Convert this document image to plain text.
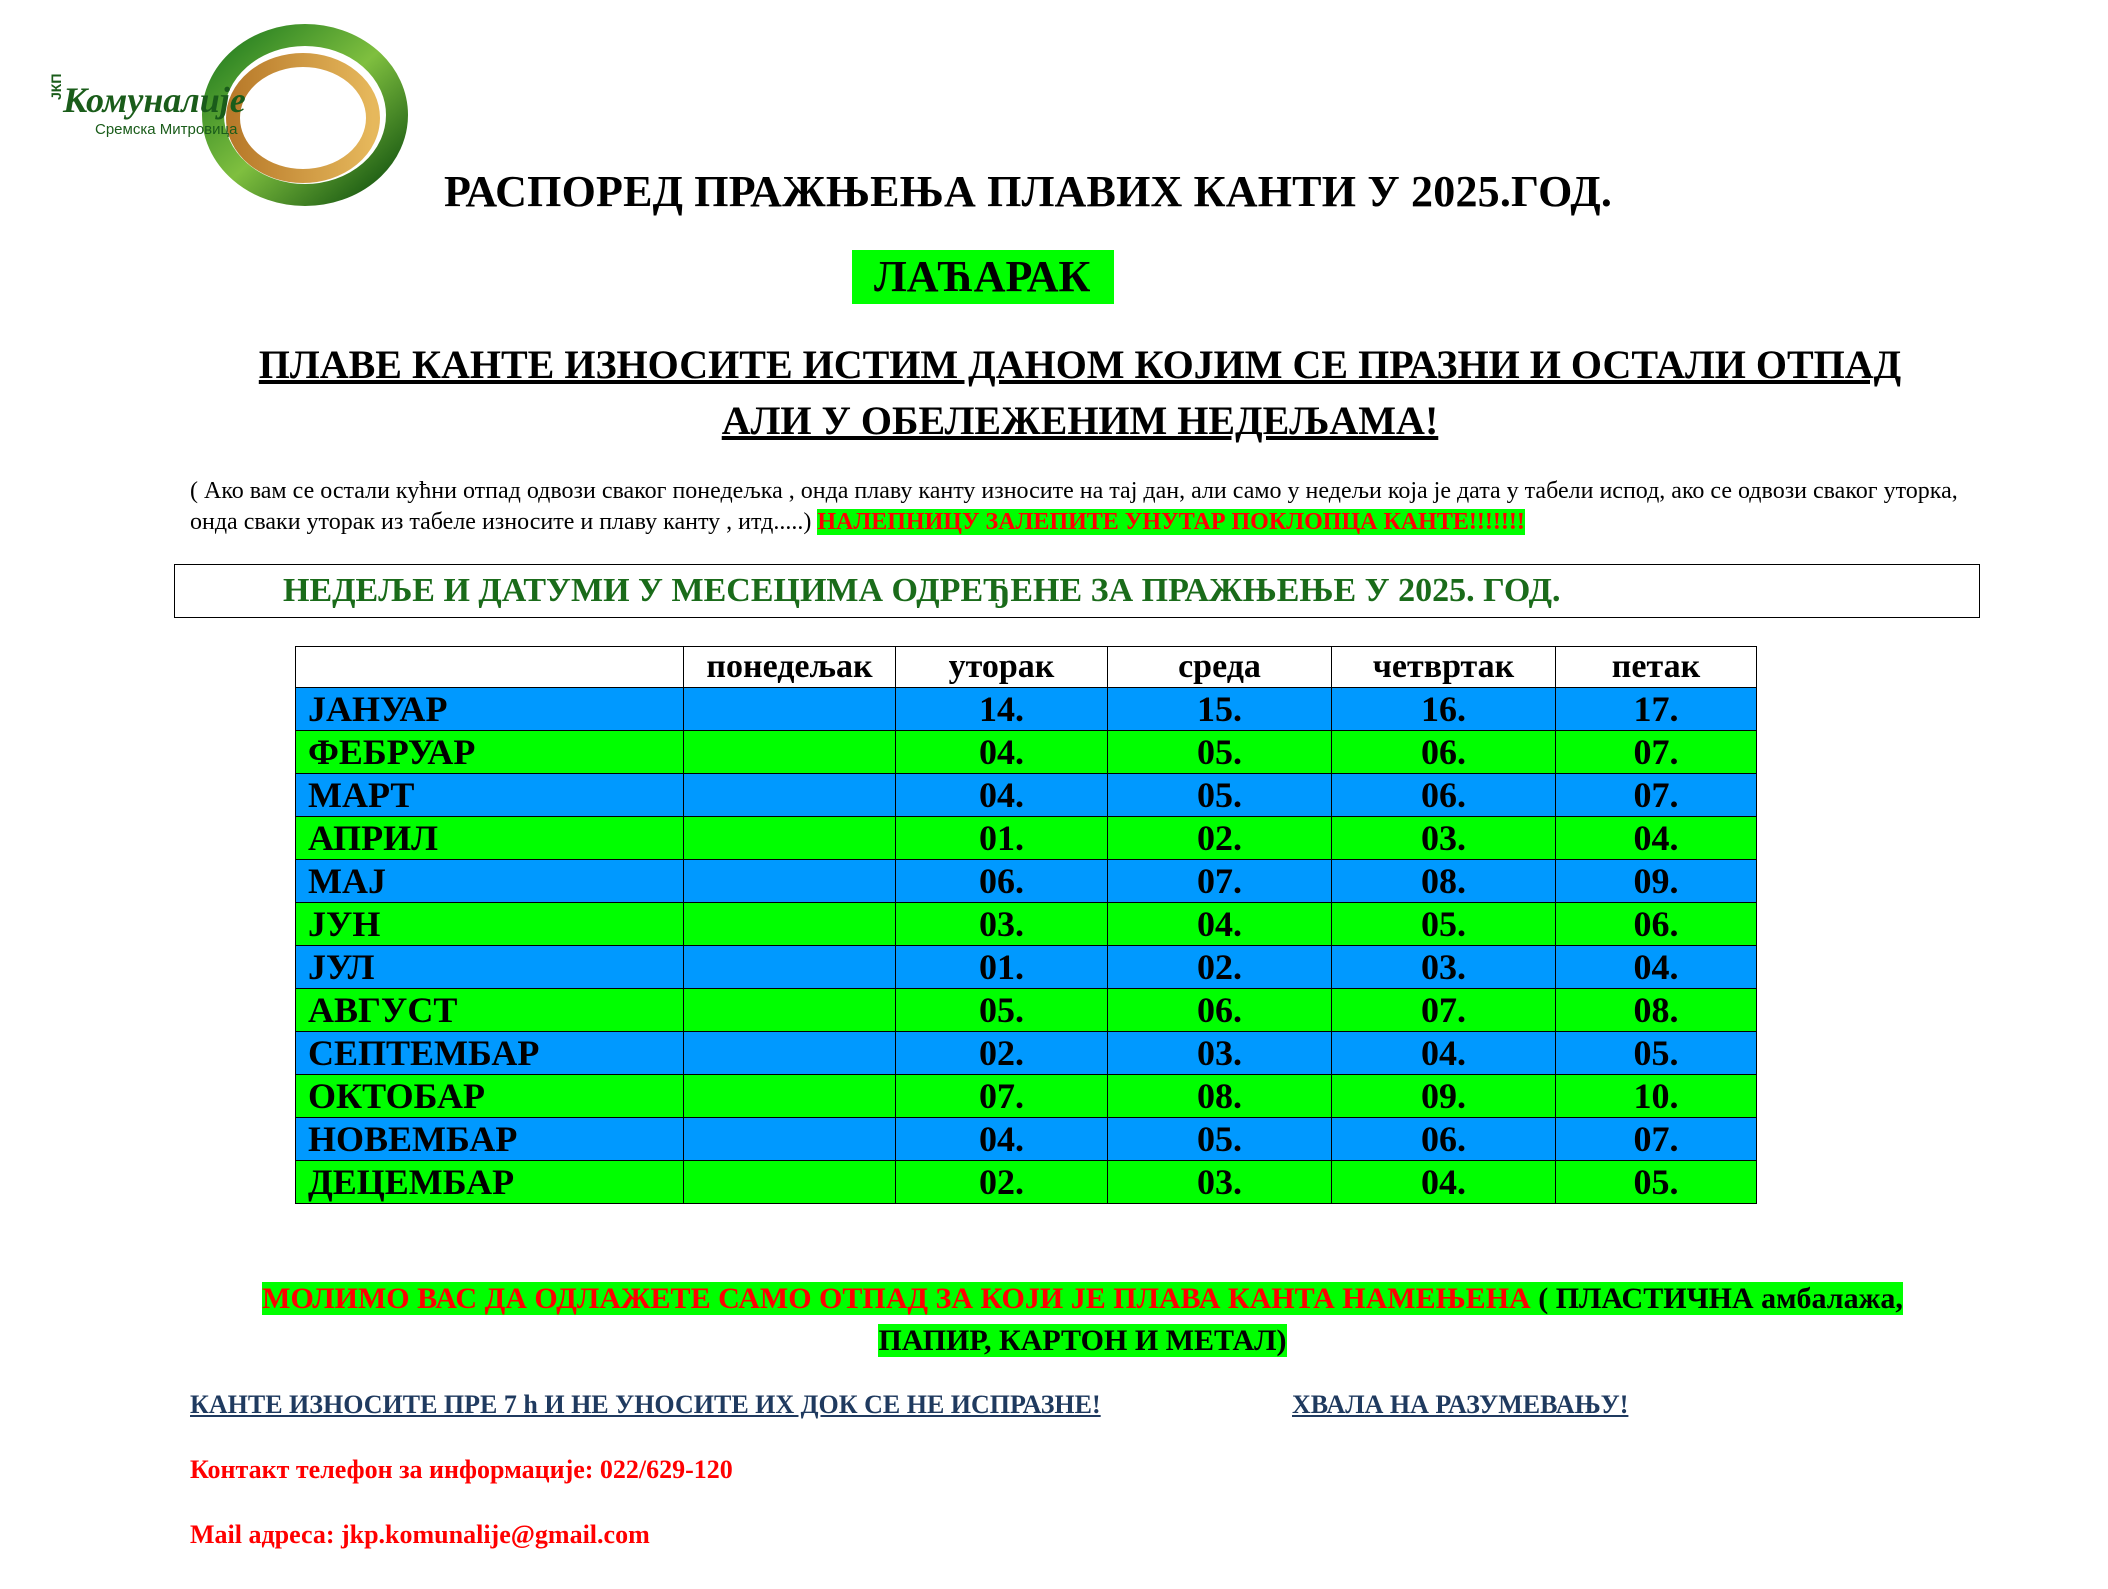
ЈКП Комуналије
Сремска Митровица
РАСПОРЕД ПРАЖЊЕЊА ПЛАВИХ КАНТИ У 2025.ГОД.
ЛАЋАРАК
ПЛАВЕ КАНТЕ ИЗНОСИТЕ ИСТИМ ДАНОМ КОЈИМ СЕ ПРАЗНИ И ОСТАЛИ ОТПАД
АЛИ У ОБЕЛЕЖЕНИМ НЕДЕЉАМА!
( Ако вам се остали кућни отпад одвози сваког понедељка , онда плаву канту износите на тај дан, али само у недељи која је дата у табели испод, ако се одвози сваког уторка, онда сваки уторак из табеле износите и плаву канту , итд.....) НАЛЕПНИЦУ ЗАЛЕПИТЕ УНУТАР ПОКЛОПЦА КАНТЕ!!!!!!!
НЕДЕЉЕ И ДАТУМИ У МЕСЕЦИМА ОДРЕЂЕНЕ ЗА ПРАЖЊЕЊЕ У 2025. ГОД.
	понедељак	уторак	среда	четвртак	петак
ЈАНУАР		14.	15.	16.	17.
ФЕБРУАР		04.	05.	06.	07.
МАРТ		04.	05.	06.	07.
АПРИЛ		01.	02.	03.	04.
МАЈ		06.	07.	08.	09.
ЈУН		03.	04.	05.	06.
ЈУЛ		01.	02.	03.	04.
АВГУСТ		05.	06.	07.	08.
СЕПТЕМБАР		02.	03.	04.	05.
ОКТОБАР		07.	08.	09.	10.
НОВЕМБАР		04.	05.	06.	07.
ДЕЦЕМБАР		02.	03.	04.	05.
МОЛИМО ВАС ДА ОДЛАЖЕТЕ САМО ОТПАД ЗА КОЈИ ЈЕ ПЛАВА КАНТА НАМЕЊЕНА ( ПЛАСТИЧНА амбалажа,
ПАПИР, КАРТОН И МЕТАЛ)
КАНТЕ ИЗНОСИТЕ ПРЕ 7 h И НЕ УНОСИТЕ ИХ ДОК СЕ НЕ ИСПРАЗНЕ!	ХВАЛА НА РАЗУМЕВАЊУ!
Контакт телефон за информације: 022/629-120
Mail адреса: jkp.komunalije@gmail.com
